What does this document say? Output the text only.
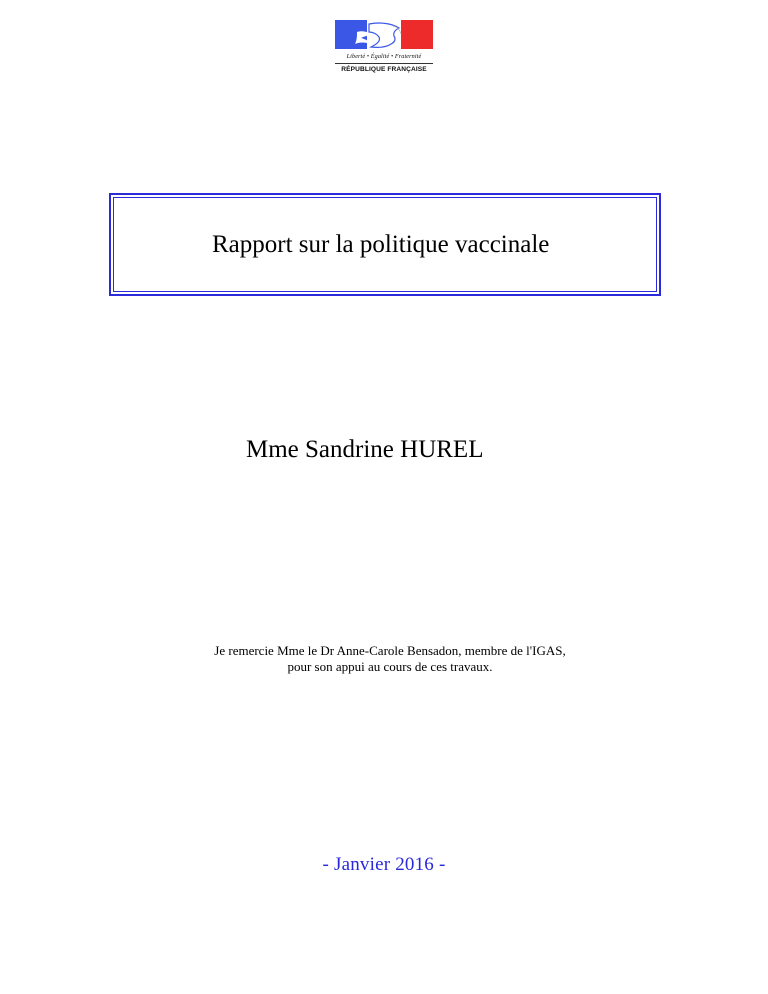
Liberté • Égalité • Fraternité
RÉPUBLIQUE FRANÇAISE
Rapport sur la politique vaccinale
Mme Sandrine HUREL
Je remercie Mme le Dr Anne-Carole Bensadon, membre de l'IGAS,
pour son appui au cours de ces travaux.
- Janvier 2016 -
